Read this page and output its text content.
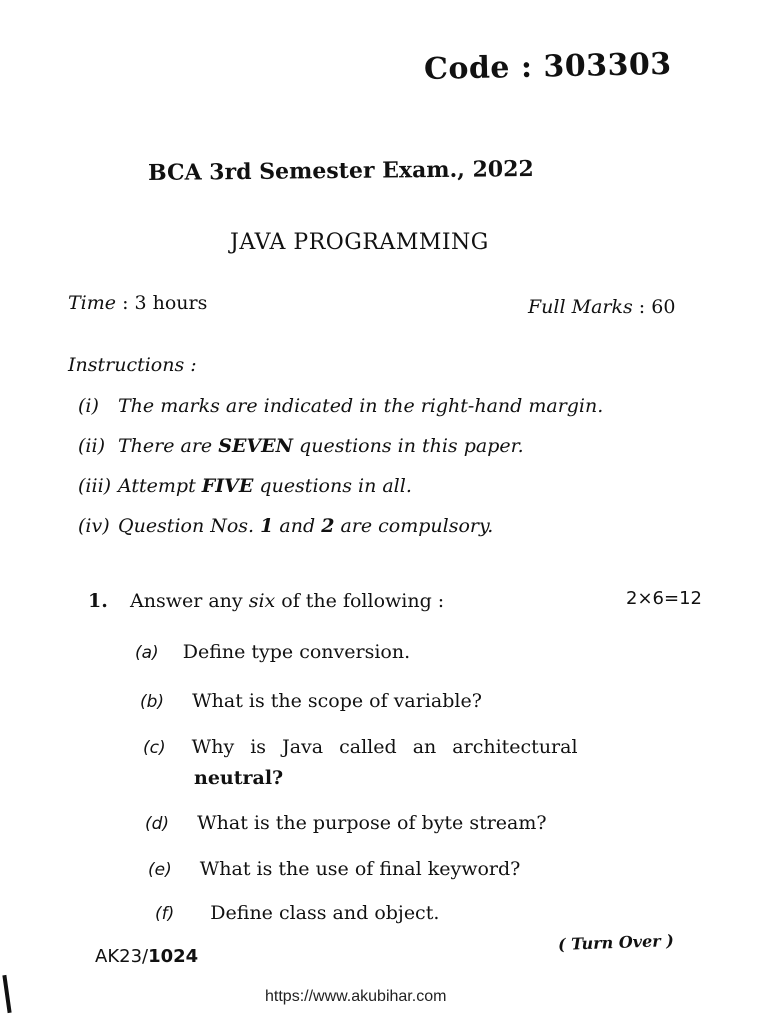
Code : 303303
BCA 3rd Semester Exam., 2022
JAVA PROGRAMMING
Time : 3 hours	Full Marks : 60
Instructions :
(i) The marks are indicated in the right-hand margin.
(ii) There are SEVEN questions in this paper.
(iii) Attempt FIVE questions in all.
(iv) Question Nos. 1 and 2 are compulsory.
1. Answer any six of the following :	2×6=12
(a) Define type conversion.
(b) What is the scope of variable?
(c) Why is Java called an architectural
neutral?
(d) What is the purpose of byte stream?
(e) What is the use of final keyword?
(f) Define class and object.
AK23/1024
( Turn Over )
https://www.akubihar.com
